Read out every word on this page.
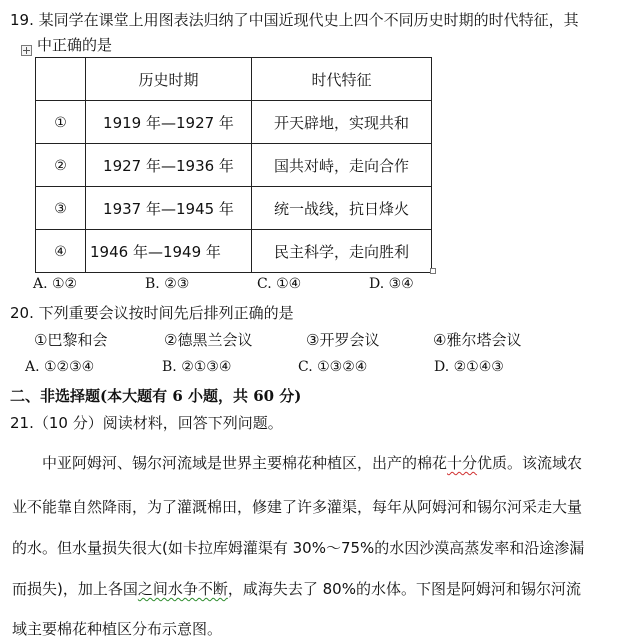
19. 某同学在课堂上用图表法归纳了中国近现代史上四个不同历史时期的时代特征，其
中正确的是
	历史时期	时代特征
①	1919 年—1927 年	开天辟地，实现共和
②	1927 年—1936 年	国共对峙，走向合作
③	1937 年—1945 年	统一战线，抗日烽火
④	1946 年—1949 年	民主科学，走向胜利
A. ①②	B. ②③	C. ①④	D. ③④
20. 下列重要会议按时间先后排列正确的是
①巴黎和会	②德黑兰会议	③开罗会议	④雅尔塔会议
A. ①②③④	B. ②①③④	C. ①③②④	D. ②①④③
二、非选择题(本大题有 6 小题，共 60 分)
21.（10 分）阅读材料，回答下列问题。
中亚阿姆河、锡尔河流域是世界主要棉花种植区，出产的棉花十分优质。该流域农
业不能靠自然降雨，为了灌溉棉田，修建了许多灌渠，每年从阿姆河和锡尔河采走大量
的水。但水量损失很大(如卡拉库姆灌渠有 30%～75%的水因沙漠高蒸发率和沿途渗漏
而损失)，加上各国之间水争不断，咸海失去了 80%的水体。下图是阿姆河和锡尔河流
域主要棉花种植区分布示意图。
